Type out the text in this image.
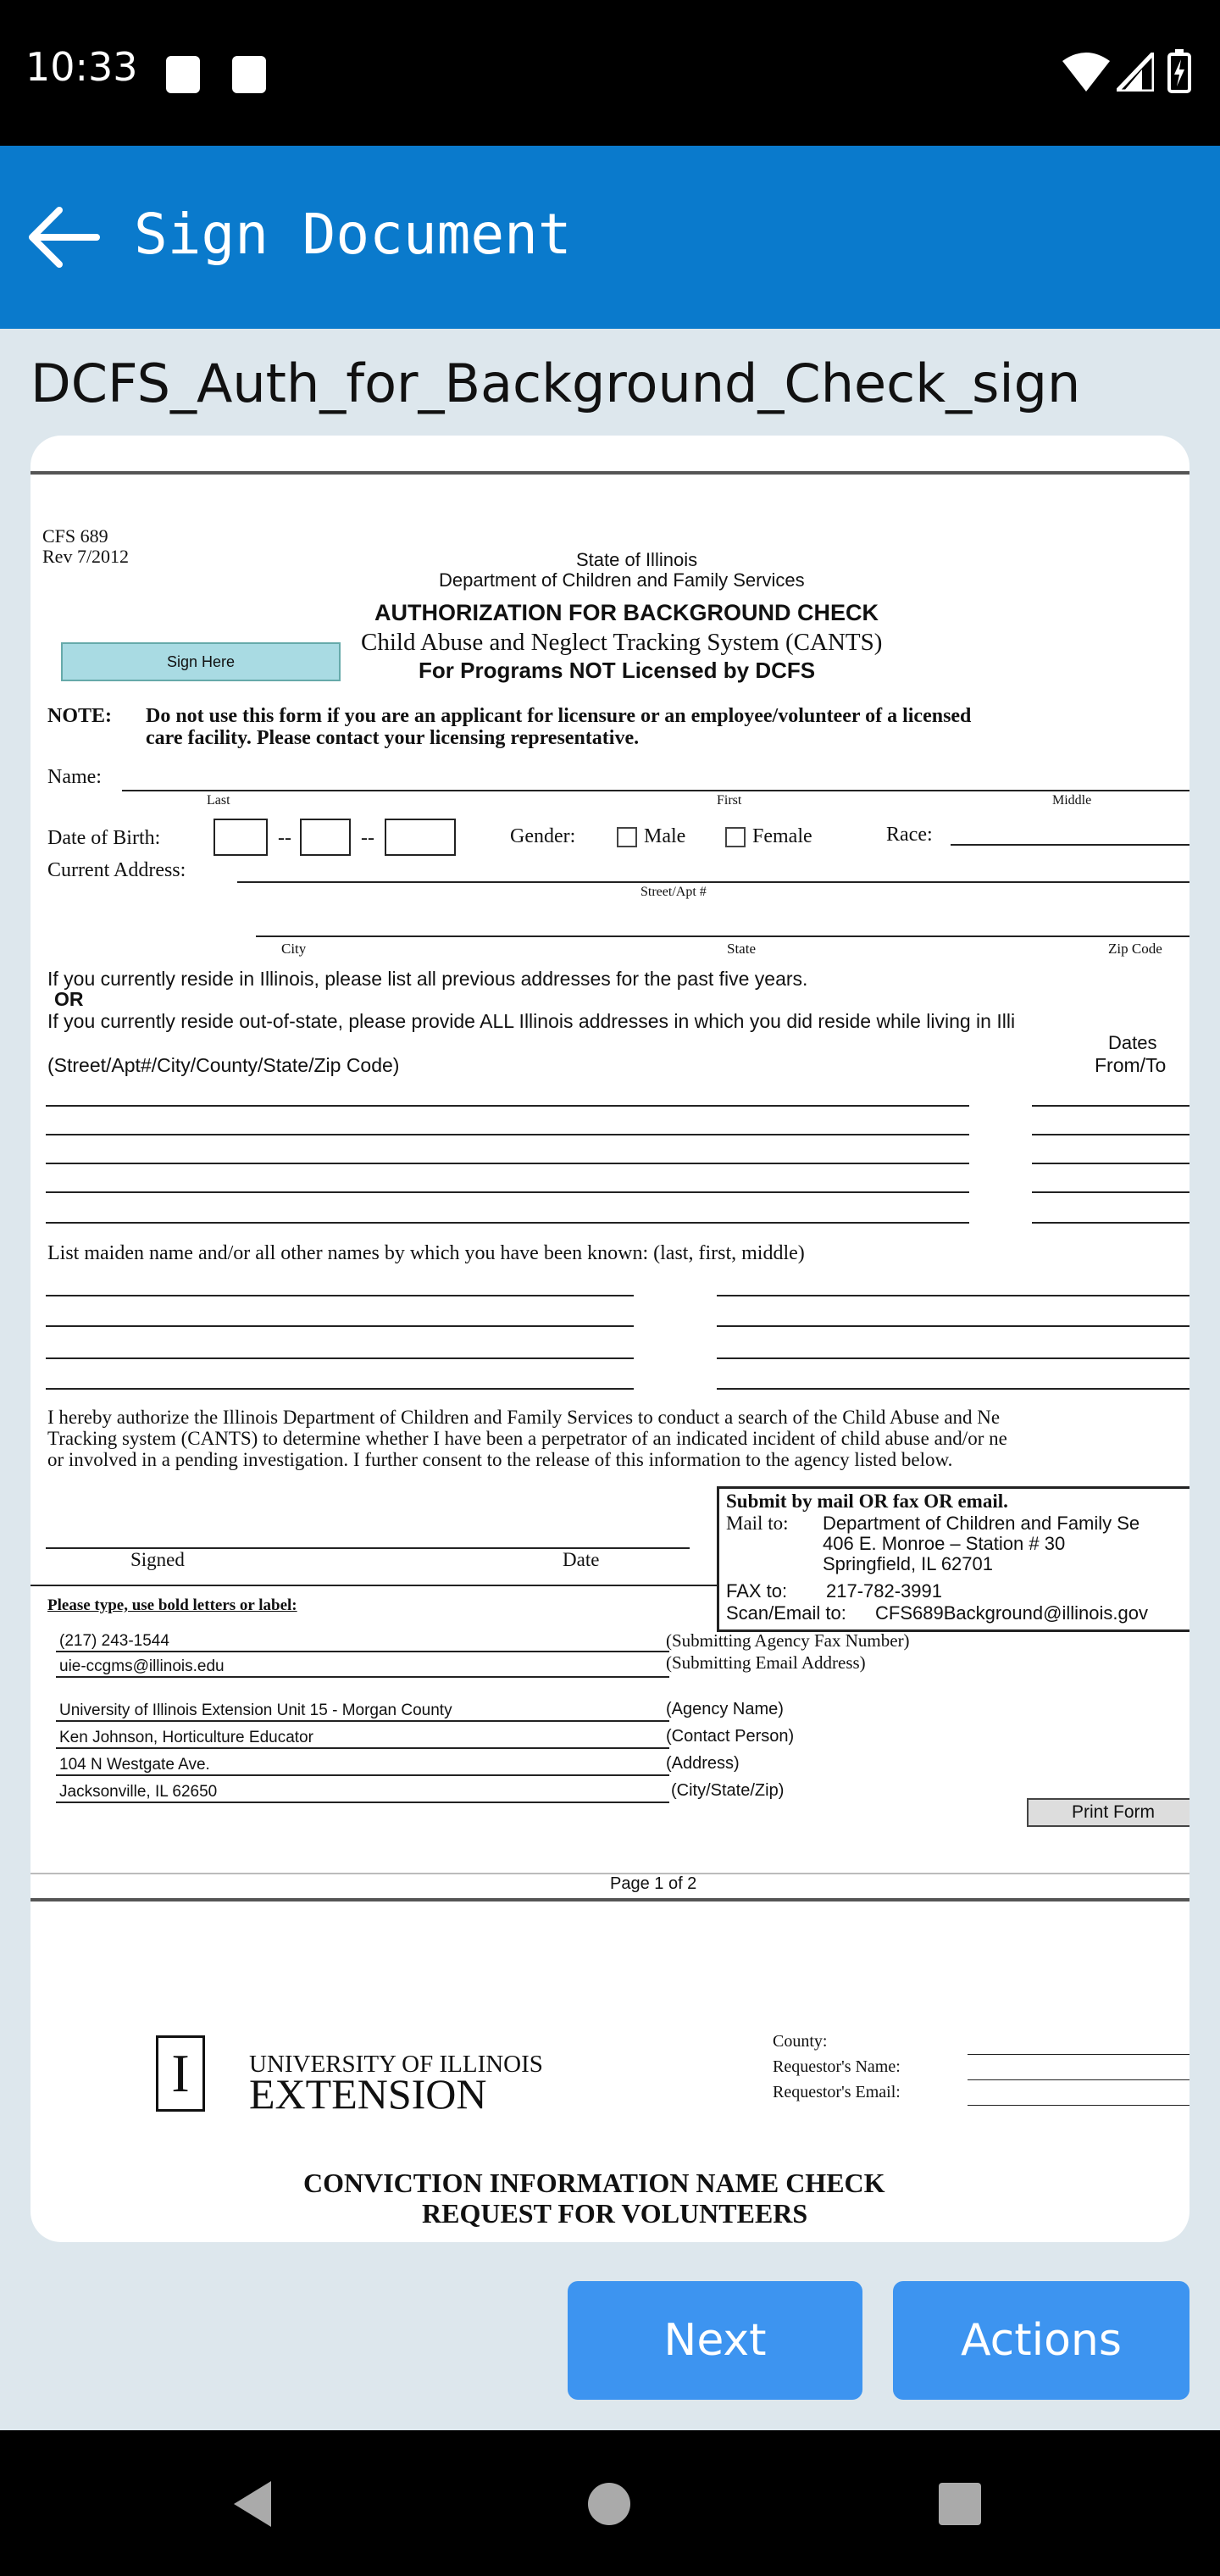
10:33
Sign Document
DCFS_Auth_for_Background_Check_sign
CFS 689
Rev 7/2012	State of Illinois
Department of Children and Family Services
AUTHORIZATION FOR BACKGROUND CHECK
Child Abuse and Neglect Tracking System (CANTS)
For Programs NOT Licensed by DCFS
Sign Here
NOTE: Do not use this form if you are an applicant for licensure or an employee/volunteer of a licensed
care facility. Please contact your licensing representative.
Name:
Last	First	Middle
Date of Birth:	--	--	Gender:	Male	Female	Race:
Current Address:
Street/Apt #
City	State	Zip Code
If you currently reside in Illinois, please list all previous addresses for the past five years.
OR
If you currently reside out-of-state, please provide ALL Illinois addresses in which you did reside while living in Illi
Dates
(Street/Apt#/City/County/State/Zip Code)	From/To
List maiden name and/or all other names by which you have been known: (last, first, middle)
I hereby authorize the Illinois Department of Children and Family Services to conduct a search of the Child Abuse and Ne
Tracking system (CANTS) to determine whether I have been a perpetrator of an indicated incident of child abuse and/or ne
or involved in a pending investigation. I further consent to the release of this information to the agency listed below.
Submit by mail OR fax OR email.
Mail to: Department of Children and Family Se
406 E. Monroe – Station # 30
Springfield, IL 62701
FAX to: 217-782-3991
Scan/Email to: CFS689Background@illinois.gov
Signed	Date
Please type, use bold letters or label:
(217) 243-1544	(Submitting Agency Fax Number)
uie-ccgms@illinois.edu	(Submitting Email Address)
University of Illinois Extension Unit 15 - Morgan County	(Agency Name)
Ken Johnson, Horticulture Educator	(Contact Person)
104 N Westgate Ave.	(Address)
Jacksonville, IL 62650	(City/State/Zip)
Print Form
Page 1 of 2
I	UNIVERSITY OF ILLINOIS
EXTENSION
County:
Requestor's Name:
Requestor's Email:
CONVICTION INFORMATION NAME CHECK
REQUEST FOR VOLUNTEERS
Next	Actions
